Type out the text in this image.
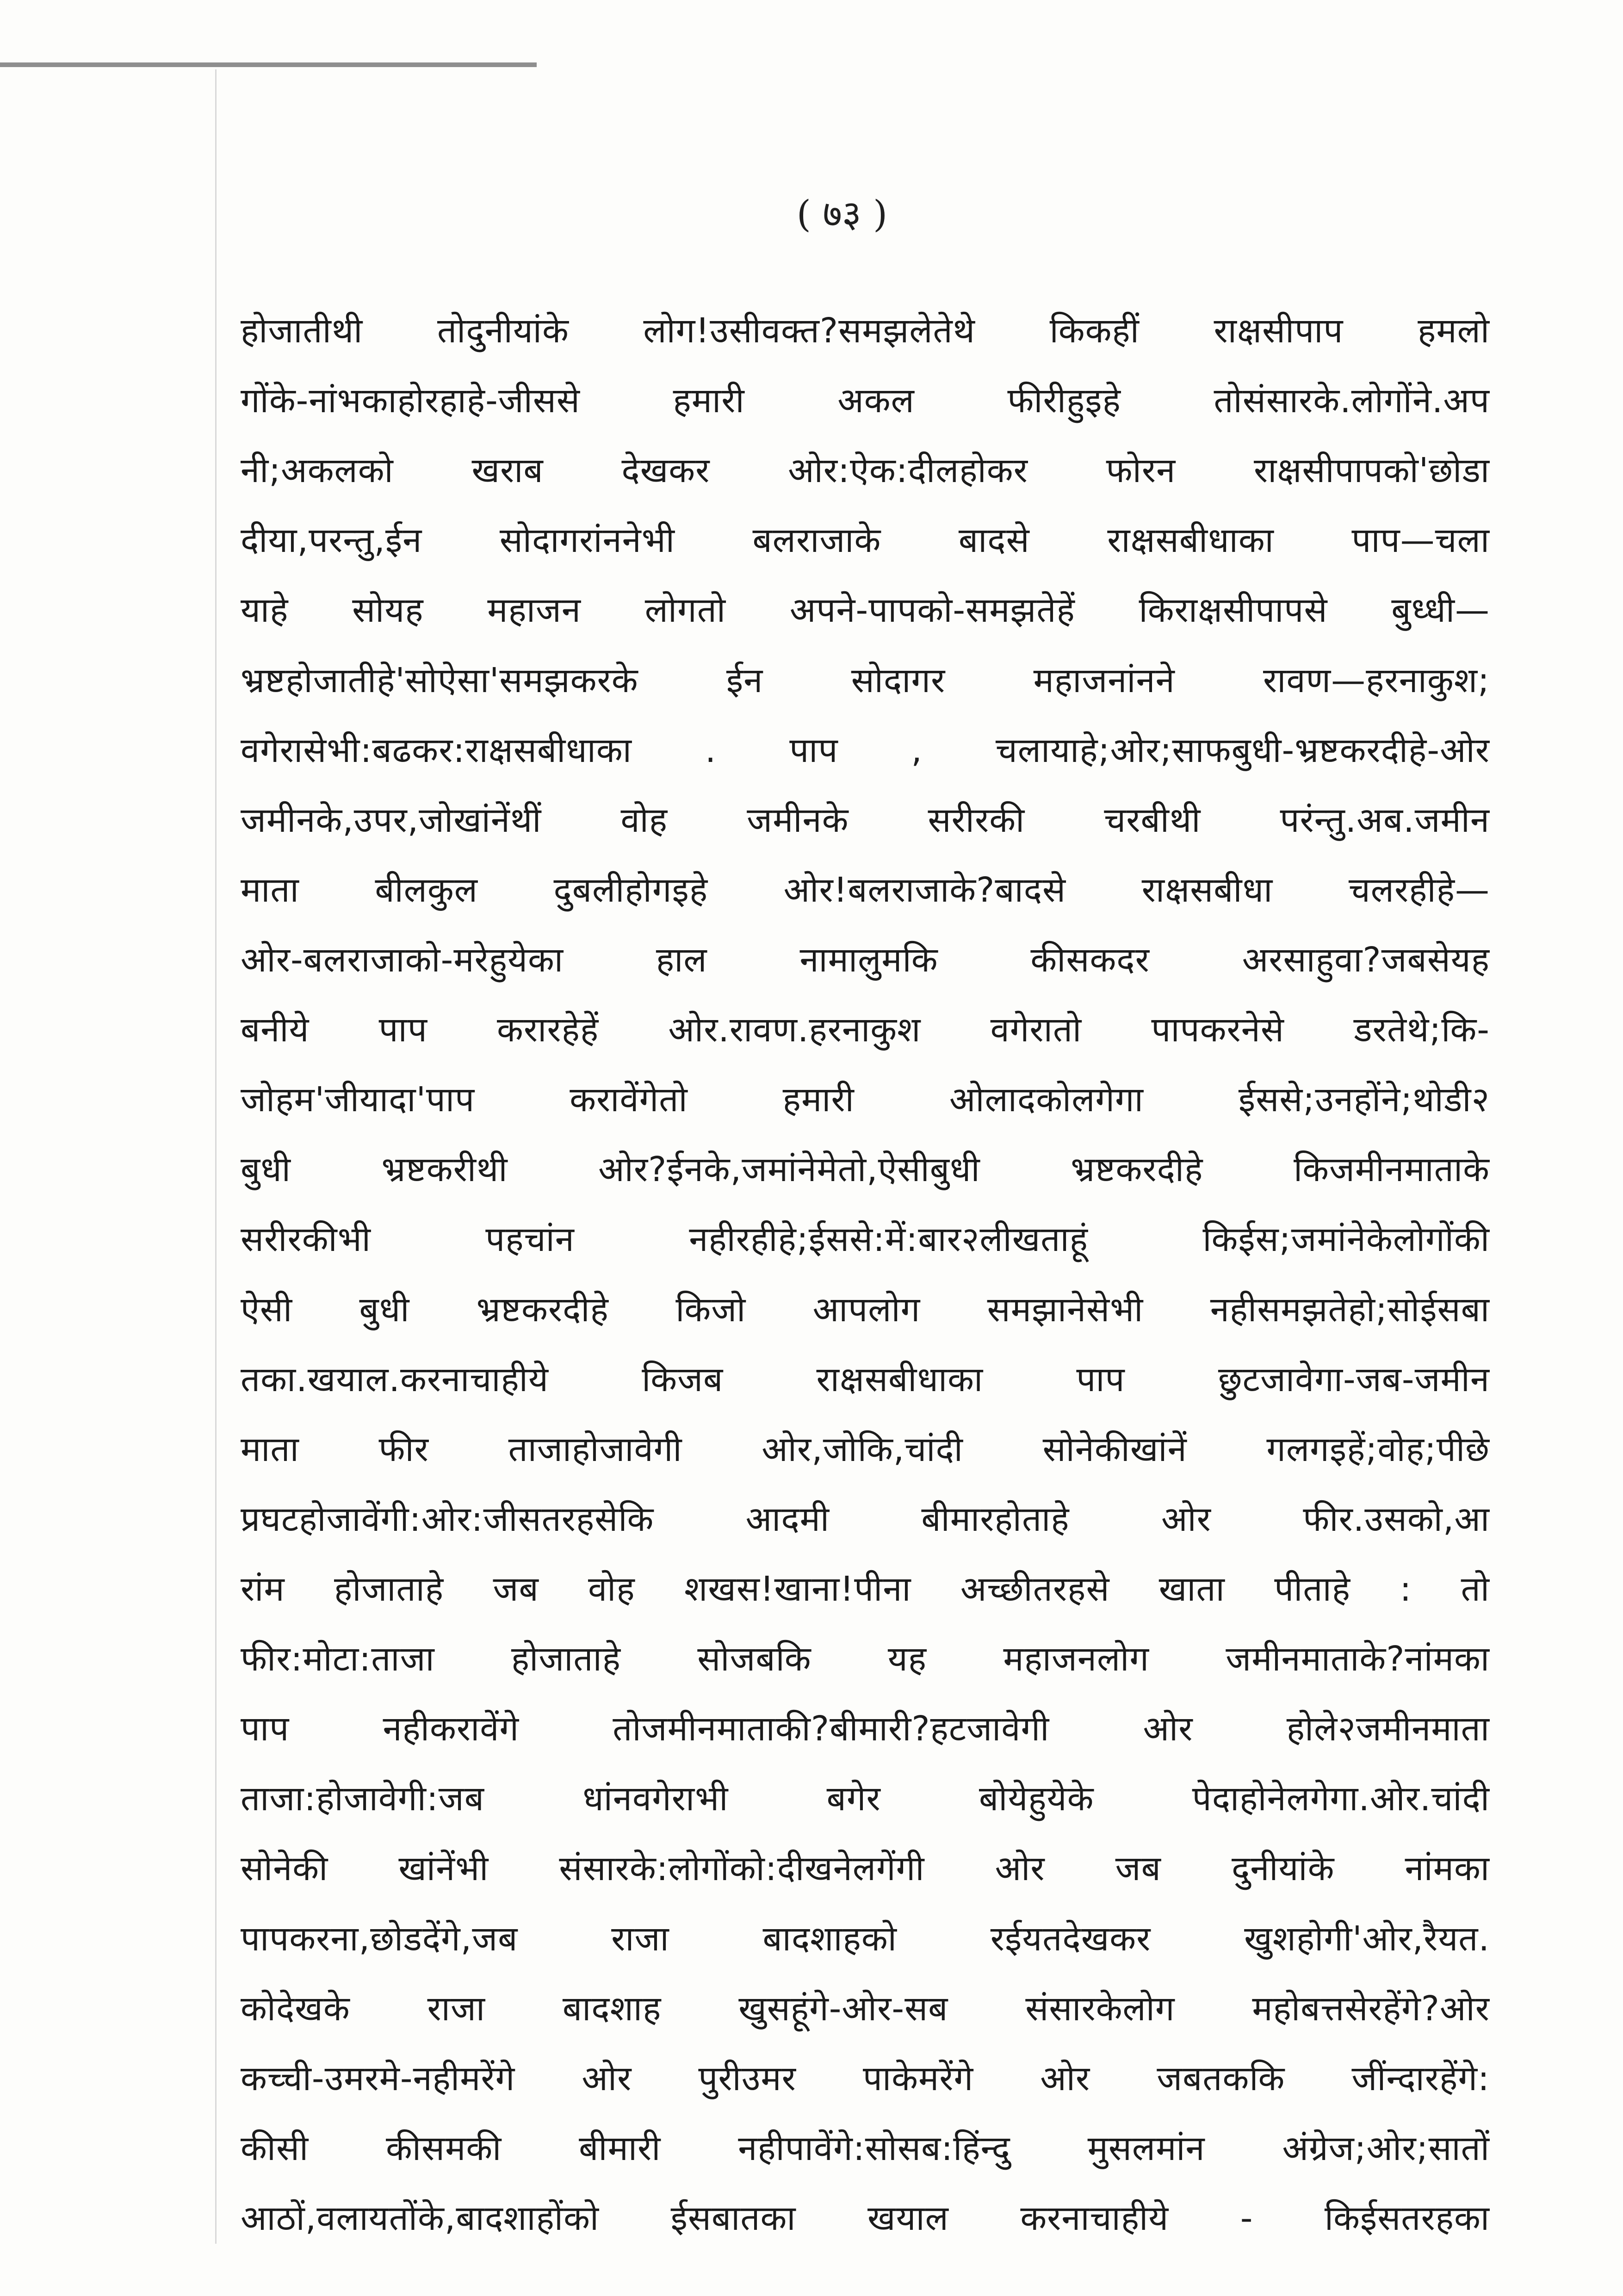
( ७३ )
होजातीथी तोदुनीयांके लोग!उसीवक्त?समझलेतेथे किकहीं राक्षसीपाप हमलो
गोंके-नांभकाहोरहाहे-जीससे हमारी अकल फीरीहुइहे तोसंसारके.लोगोंने.अप
नी;अकलको खराब देखकर ओर:ऐक:दीलहोकर फोरन राक्षसीपापको'छोडा
दीया,परन्तु,ईन सोदागरांननेभी बलराजाके बादसे राक्षसबीधाका पाप—चला
याहे सोयह महाजन लोगतो अपने-पापको-समझतेहें किराक्षसीपापसे बुध्धी—
भ्रष्टहोजातीहे'सोऐसा'समझकरके ईन सोदागर महाजनांनने रावण—हरनाकुश;
वगेरासेभी:बढकर:राक्षसबीधाका . पाप , चलायाहे;ओर;साफबुधी-भ्रष्टकरदीहे-ओर
जमीनके,उपर,जोखांनेंथीं वोह जमीनके सरीरकी चरबीथी परंन्तु.अब.जमीन
माता बीलकुल दुबलीहोगइहे ओर!बलराजाके?बादसे राक्षसबीधा चलरहीहे—
ओर-बलराजाको-मरेहुयेका हाल नामालुमकि कीसकदर अरसाहुवा?जबसेयह
बनीये पाप करारहेहें ओर.रावण.हरनाकुश वगेरातो पापकरनेसे डरतेथे;कि-
जोहम'जीयादा'पाप करावेंगेतो हमारी ओलादकोलगेगा ईससे;उनहोंने;थोडी२
बुधी भ्रष्टकरीथी ओर?ईनके,जमांनेमेतो,ऐसीबुधी भ्रष्टकरदीहे किजमीनमाताके
सरीरकीभी पहचांन नहीरहीहे;ईससे:में:बार२लीखताहूं किईस;जमांनेकेलोगोंकी
ऐसी बुधी भ्रष्टकरदीहे किजो आपलोग समझानेसेभी नहीसमझतेहो;सोईसबा
तका.खयाल.करनाचाहीये किजब राक्षसबीधाका पाप छुटजावेगा-जब-जमीन
माता फीर ताजाहोजावेगी ओर,जोकि,चांदी सोनेकीखांनें गलगइहें;वोह;पीछे
प्रघटहोजावेंगी:ओर:जीसतरहसेकि आदमी बीमारहोताहे ओर फीर.उसको,आ
रांम होजाताहे जब वोह शखस!खाना!पीना अच्छीतरहसे खाता पीताहे : तो
फीर:मोटा:ताजा होजाताहे सोजबकि यह महाजनलोग जमीनमाताके?नांमका
पाप नहीकरावेंगे तोजमीनमाताकी?बीमारी?हटजावेगी ओर होले२जमीनमाता
ताजा:होजावेगी:जब धांनवगेराभी बगेर बोयेहुयेके पेदाहोनेलगेगा.ओर.चांदी
सोनेकी खांनेंभी संसारके:लोगोंको:दीखनेलगेंगी ओर जब दुनीयांके नांमका
पापकरना,छोडदेंगे,जब राजा बादशाहको रईयतदेखकर खुशहोगी'ओर,रैयत.
कोदेखके राजा बादशाह खुसहूंगे-ओर-सब संसारकेलोग महोबत्तसेरहेंगे?ओर
कच्ची-उमरमे-नहीमरेंगे ओर पुरीउमर पाकेमरेंगे ओर जबतककि जींन्दारहेंगे:
कीसी कीसमकी बीमारी नहीपावेंगे:सोसब:हिंन्दु मुसलमांन अंग्रेज;ओर;सातों
आठों,वलायतोंके,बादशाहोंको ईसबातका खयाल करनाचाहीये - किईसतरहका
